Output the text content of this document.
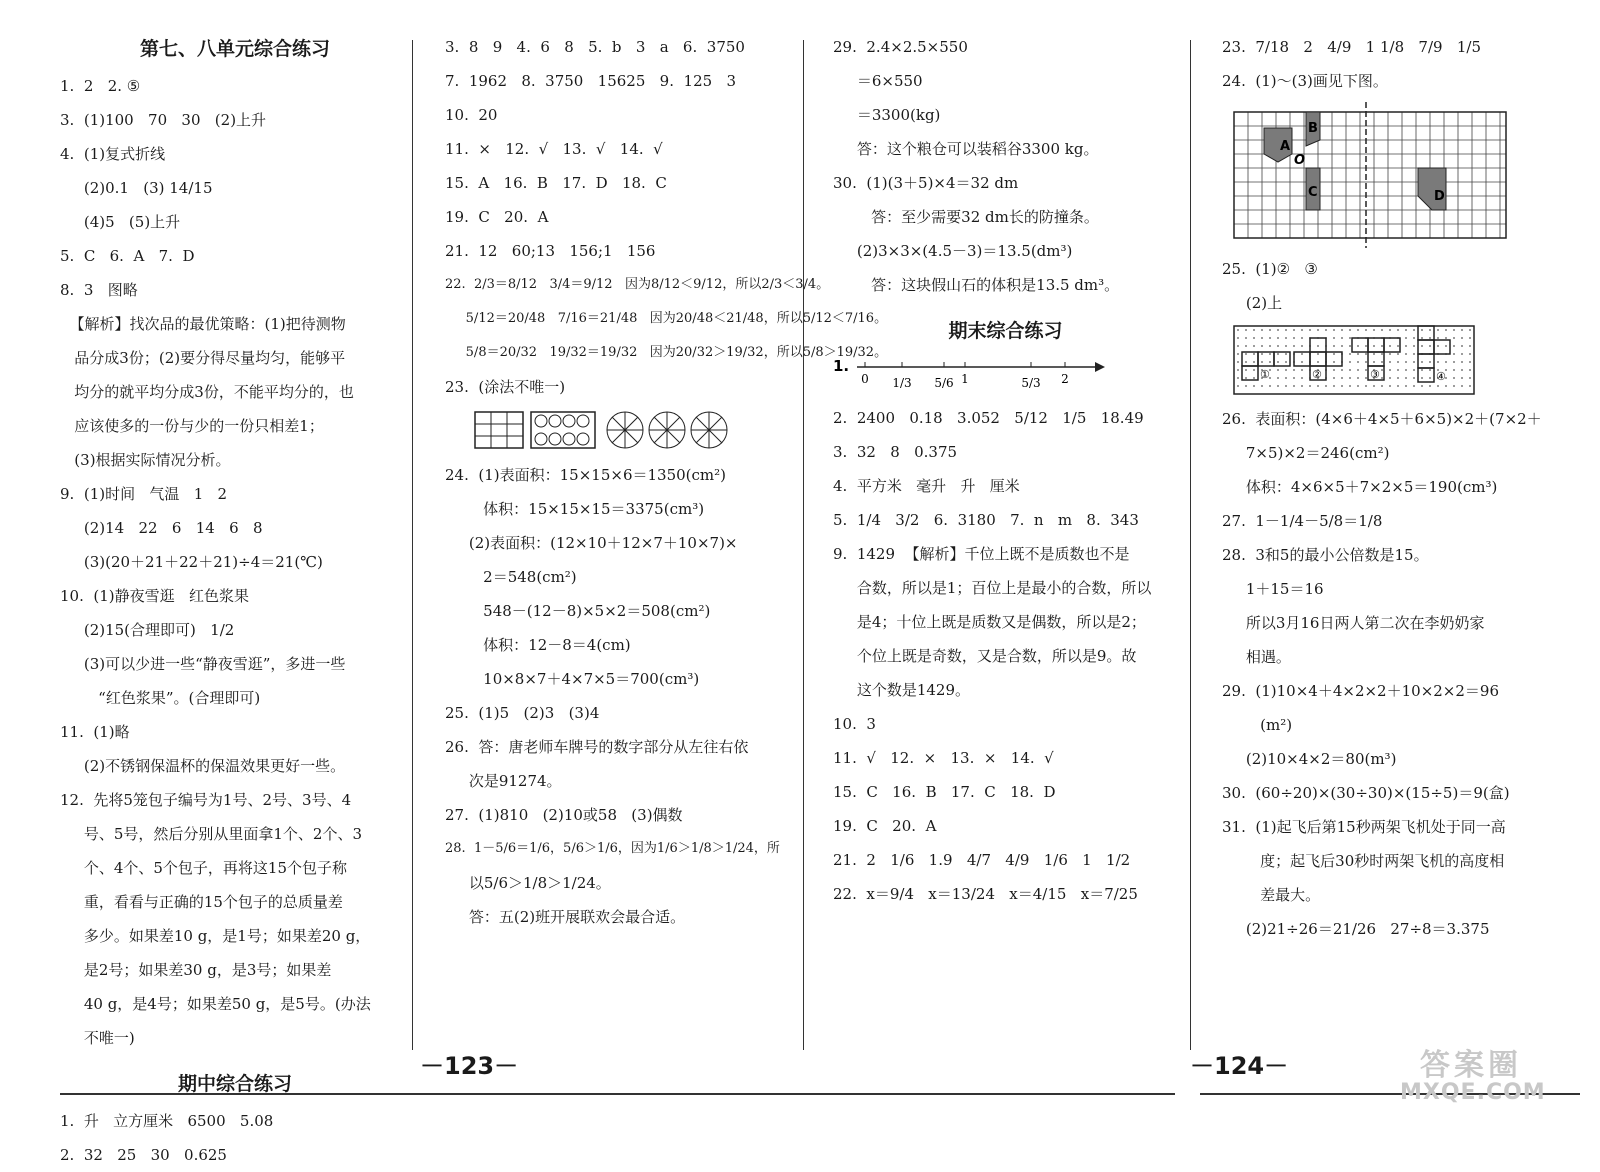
第七、八单元综合练习
1.  2   2. ⑤
3.  (1)100   70   30   (2)上升
4.  (1)复式折线
(2)0.1   (3) 14/15
(4)5   (5)上升
5.  C   6.  A   7.  D
8.  3   图略
【解析】找次品的最优策略：(1)把待测物
品分成3份；(2)要分得尽量均匀，能够平
均分的就平均分成3份，不能平均分的，也
应该使多的一份与少的一份只相差1；
(3)根据实际情况分析。
9.  (1)时间   气温   1   2
(2)14   22   6   14   6   8
(3)(20＋21＋22＋21)÷4＝21(℃)
10.  (1)静夜雪逛   红色浆果
(2)15(合理即可)   1/2
(3)可以少进一些“静夜雪逛”，多进一些
“红色浆果”。(合理即可)
11.  (1)略
(2)不锈钢保温杯的保温效果更好一些。
12.  先将5笼包子编号为1号、2号、3号、4
号、5号，然后分别从里面拿1个、2个、3
个、4个、5个包子，再将这15个包子称
重，看看与正确的15个包子的总质量差
多少。如果差10 g，是1号；如果差20 g，
是2号；如果差30 g，是3号；如果差
40 g，是4号；如果差50 g，是5号。(办法
不唯一)
期中综合练习
1.  升   立方厘米   6500   5.08
2.  32   25   30   0.625
3.  8   9   4.  6   8   5.  b   3   a   6.  3750
7.  1962   8.  3750   15625   9.  125   3
10.  20
11.  ×   12.  √   13.  √   14.  √
15.  A   16.  B   17.  D   18.  C
19.  C   20.  A
21.  12   60;13   156;1   156
22.  2/3＝8/12   3/4＝9/12   因为8/12＜9/12，所以2/3＜3/4。
5/12＝20/48   7/16＝21/48   因为20/48＜21/48，所以5/12＜7/16。
5/8＝20/32   19/32＝19/32   因为20/32＞19/32，所以5/8＞19/32。
23.  (涂法不唯一)
24.  (1)表面积：15×15×6＝1350(cm²)
体积：15×15×15＝3375(cm³)
(2)表面积：(12×10＋12×7＋10×7)×
2＝548(cm²)
548－(12－8)×5×2＝508(cm²)
体积：12－8＝4(cm)
10×8×7＋4×7×5＝700(cm³)
25.  (1)5   (2)3   (3)4
26.  答：唐老师车牌号的数字部分从左往右依
次是91274。
27.  (1)810   (2)10或58   (3)偶数
28.  1－5/6＝1/6，5/6＞1/6，因为1/6＞1/8＞1/24，所
以5/6＞1/8＞1/24。
答：五(2)班开展联欢会最合适。
29.  2.4×2.5×550
＝6×550
＝3300(kg)
答：这个粮仓可以装稻谷3300 kg。
30.  (1)(3＋5)×4＝32 dm
答：至少需要32 dm长的防撞条。
(2)3×3×(4.5－3)＝13.5(dm³)
答：这块假山石的体积是13.5 dm³。
期末综合练习
1.
0 1/3 5/6 1	5/3 2
2.  2400   0.18   3.052   5/12   1/5   18.49
3.  32   8   0.375
4.  平方米   毫升   升   厘米
5.  1/4   3/2   6.  3180   7.  n   m   8.  343
9.  1429  【解析】千位上既不是质数也不是
合数，所以是1；百位上是最小的合数，所以
是4；十位上既是质数又是偶数，所以是2；
个位上既是奇数，又是合数，所以是9。故
这个数是1429。
10.  3
11.  √   12.  ×   13.  ×   14.  √
15.  C   16.  B   17.  C   18.  D
19.  C   20.  A
21.  2   1/6   1.9   4/7   4/9   1/6   1   1/2
22.  x＝9/4   x＝13/24   x＝4/15   x＝7/25
23.  7/18   2   4/9   1 1/8   7/9   1/5
24.  (1)～(3)画见下图。
A
B
O
C	D
25.  (1)②   ③
(2)上
①	②	③	④
26.  表面积：(4×6＋4×5＋6×5)×2＋(7×2＋
7×5)×2＝246(cm²)
体积：4×6×5＋7×2×5＝190(cm³)
27.  1－1/4－5/8＝1/8
28.  3和5的最小公倍数是15。
1＋15＝16
所以3月16日两人第二次在李奶奶家
相遇。
29.  (1)10×4＋4×2×2＋10×2×2＝96
(m²)
(2)10×4×2＝80(m³)
30.  (60÷20)×(30÷30)×(15÷5)＝9(盒)
31.  (1)起飞后第15秒两架飞机处于同一高
度；起飞后30秒时两架飞机的高度相
差最大。
(2)21÷26＝21/26   27÷8＝3.375
－123－	－124－	答案圈
MXQE.COM
